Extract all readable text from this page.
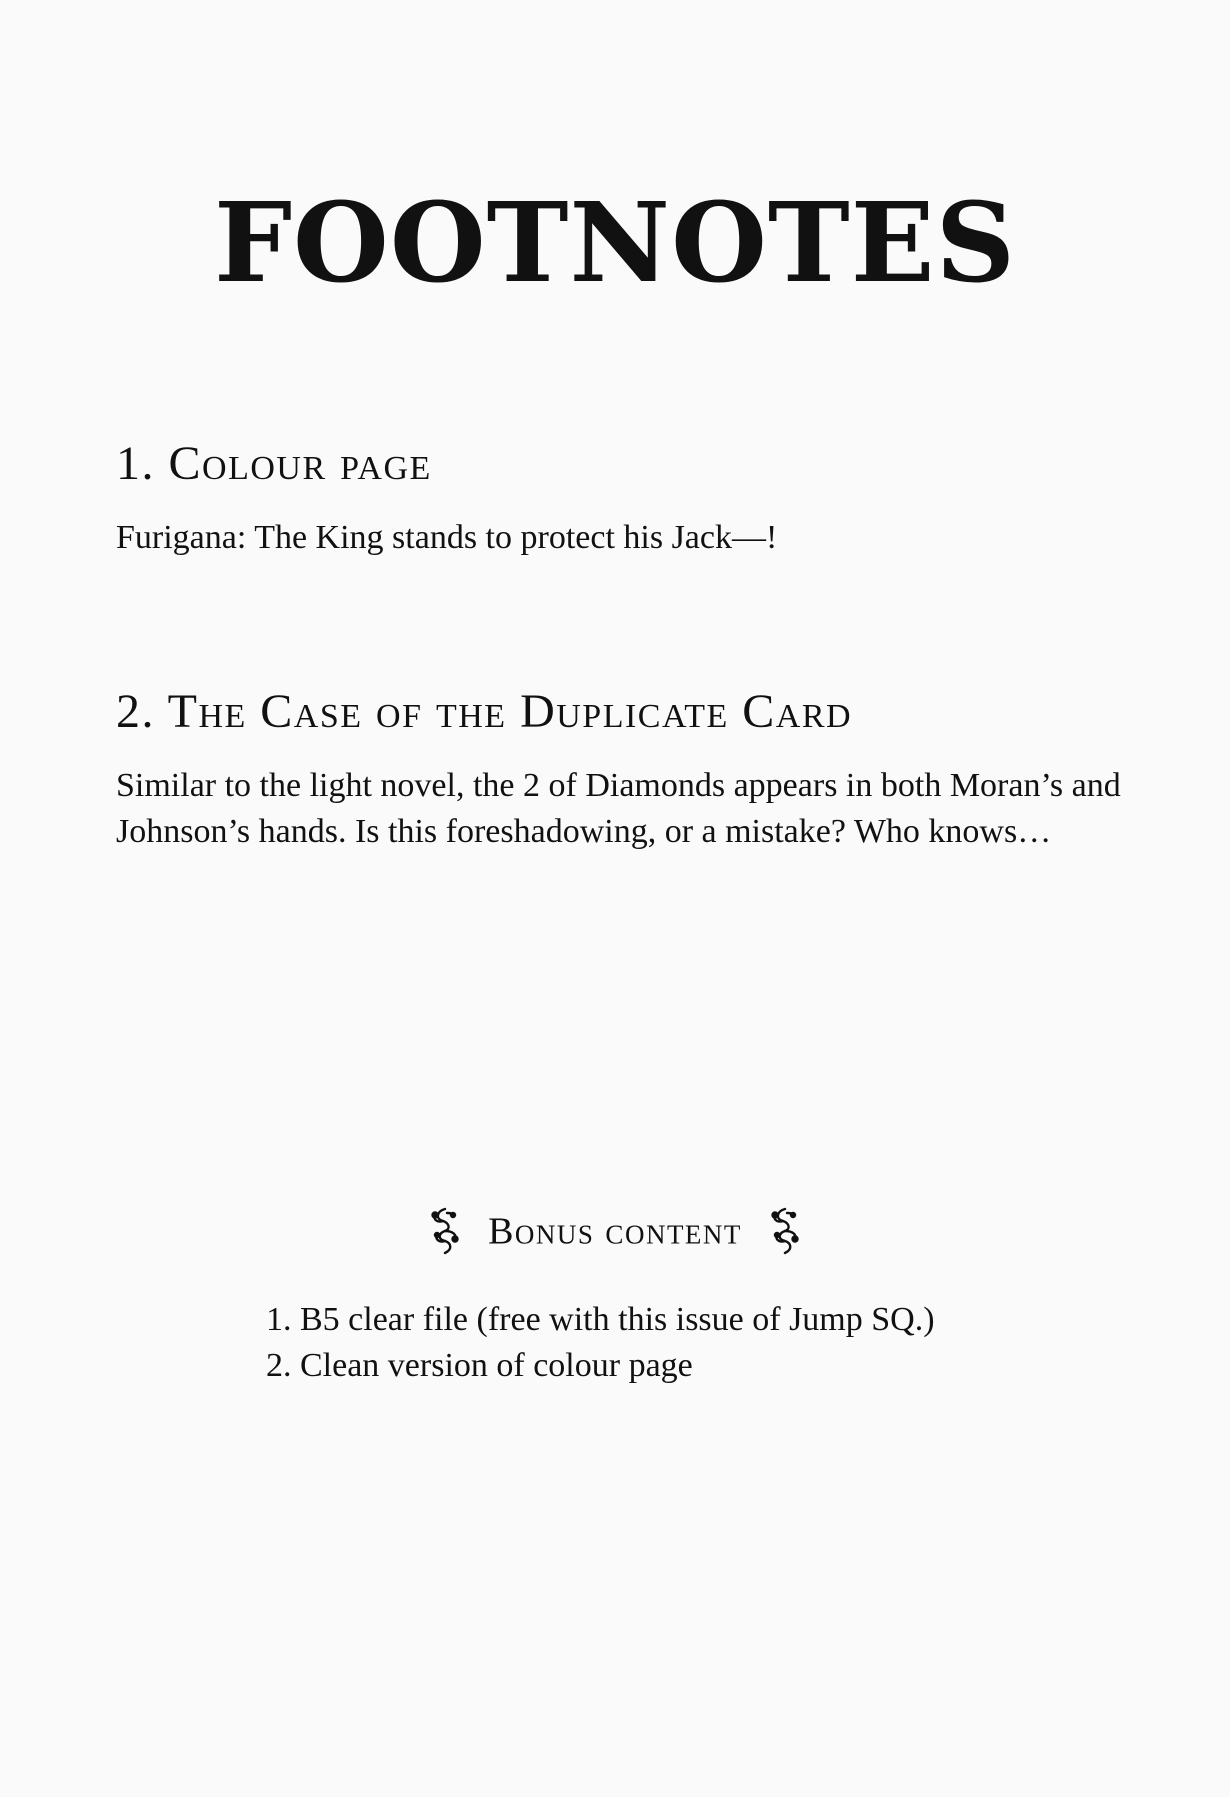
FOOTNOTES
1. Colour page

Furigana: The King stands to protect his Jack—!

2. The Case of the Duplicate Card

Similar to the light novel, the 2 of Diamonds appears in both Moran’s and Johnson’s hands. Is this foreshadowing, or a mistake? Who knows…

Bonus content
1. B5 clear file (free with this issue of Jump SQ.)
2. Clean version of colour page
